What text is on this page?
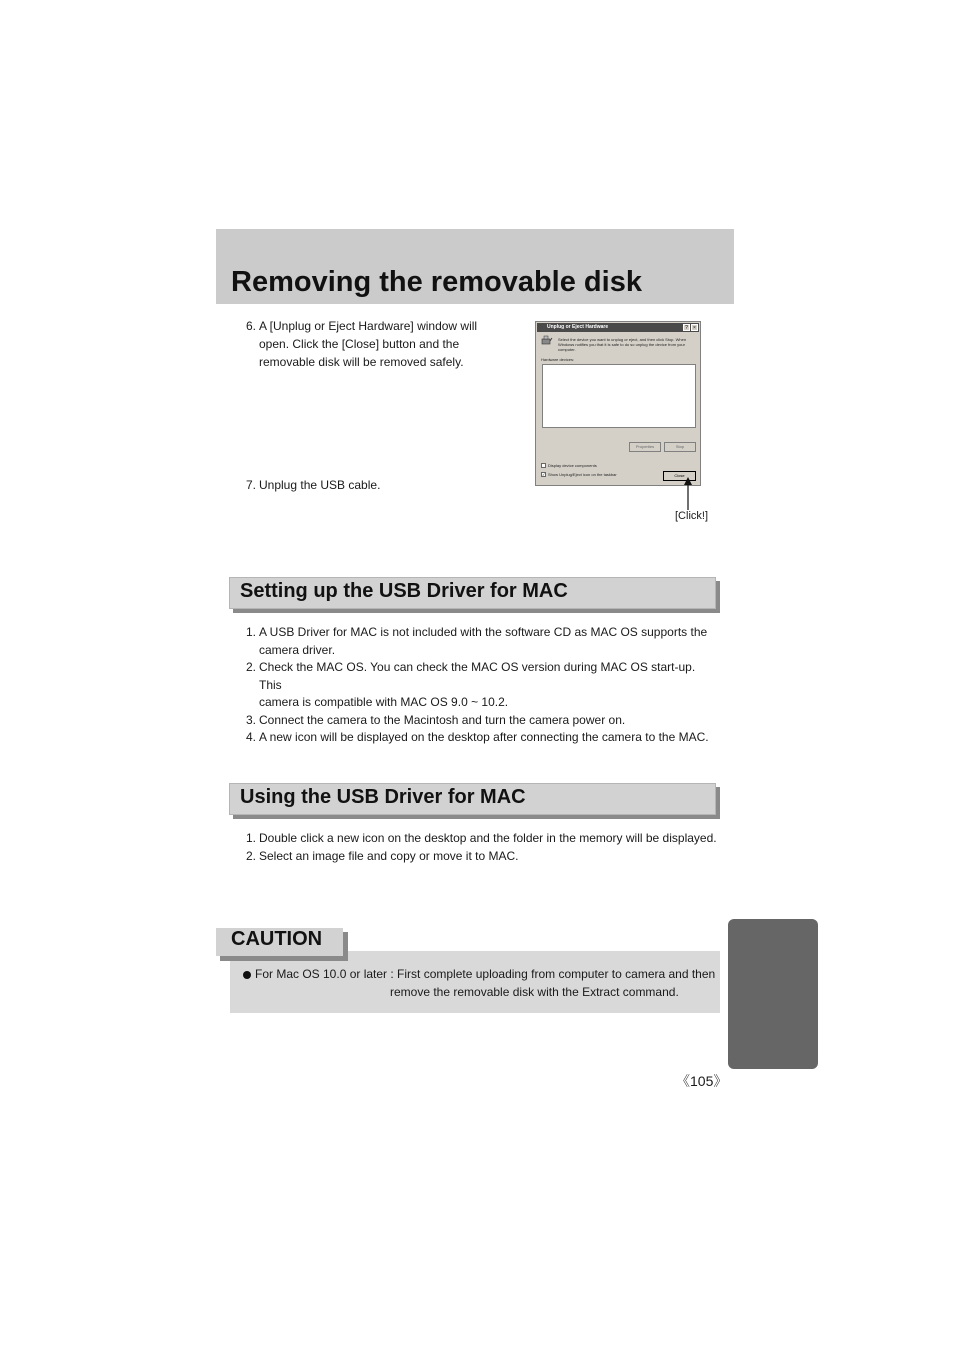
Removing the removable disk
6. A [Unplug or Eject Hardware] window will open. Click the [Close] button and the removable disk will be removed safely.
7. Unplug the USB cable.
Unplug or Eject Hardware	?	×
Select the device you want to unplug or eject, and then click Stop. When
Windows notifies you that it is safe to do so unplug the device from your
computer.
Hardware devices:
Properties	Stop
Display device components
✓ Show Unplug/Eject icon on the taskbar	Close
[Click!]
Setting up the USB Driver for MAC
1. A USB Driver for MAC is not included with the software CD as MAC OS supports the
camera driver.
2. Check the MAC OS. You can check the MAC OS version during MAC OS start-up. This
camera is compatible with MAC OS 9.0 ~ 10.2.
3. Connect the camera to the Macintosh and turn the camera power on.
4. A new icon will be displayed on the desktop after connecting the camera to the MAC.
Using the USB Driver for MAC
1. Double click a new icon on the desktop and the folder in the memory will be displayed.
2. Select an image file and copy or move it to MAC.
CAUTION
For Mac OS 10.0 or later : First complete uploading from computer to camera and then
remove the removable disk with the Extract command.
《105》
